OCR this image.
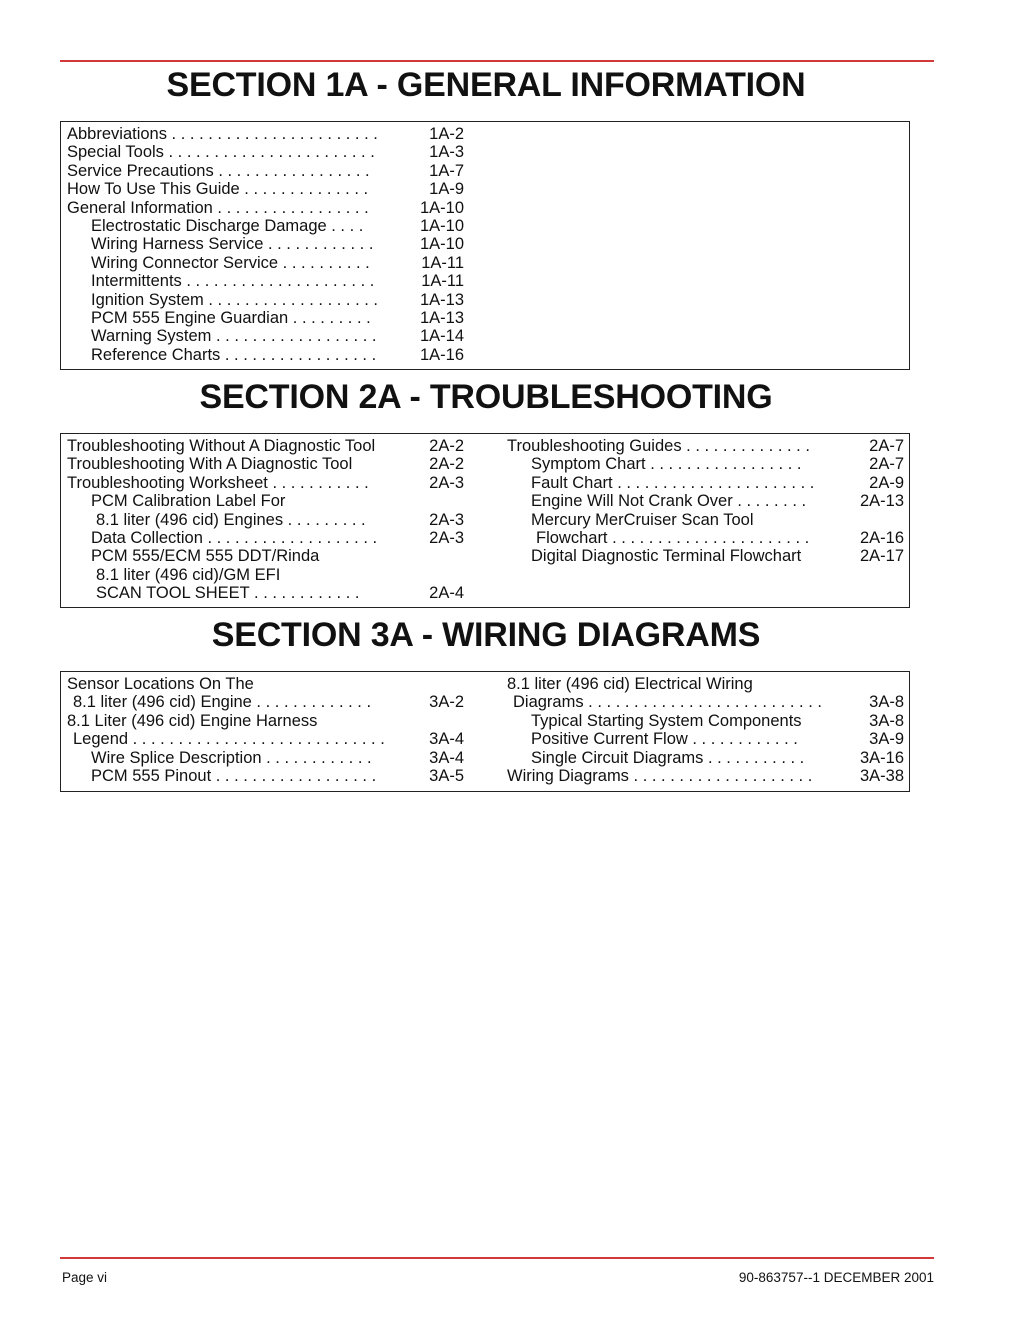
SECTION 1A - GENERAL INFORMATION
Abbreviations . . . . . . . . . . . . . . . . . . . . . . .	1A-2
Special Tools . . . . . . . . . . . . . . . . . . . . . . .	1A-3
Service Precautions . . . . . . . . . . . . . . . . .	1A-7
How To Use This Guide . . . . . . . . . . . . . .	1A-9
General Information . . . . . . . . . . . . . . . . .	1A-10
Electrostatic Discharge Damage . . . .	1A-10
Wiring Harness Service . . . . . . . . . . . .	1A-10
Wiring Connector Service . . . . . . . . . .	1A-11
Intermittents . . . . . . . . . . . . . . . . . . . . .	1A-11
Ignition System . . . . . . . . . . . . . . . . . . .	1A-13
PCM 555 Engine Guardian . . . . . . . . .	1A-13
Warning System . . . . . . . . . . . . . . . . . .	1A-14
Reference Charts . . . . . . . . . . . . . . . . .	1A-16
SECTION 2A - TROUBLESHOOTING
Troubleshooting Without A Diagnostic Tool	2A-2
Troubleshooting With A Diagnostic Tool	2A-2
Troubleshooting Worksheet . . . . . . . . . . .	2A-3
PCM Calibration Label For
8.1 liter (496 cid) Engines . . . . . . . . .	2A-3
Data Collection . . . . . . . . . . . . . . . . . . .	2A-3
PCM 555/ECM 555 DDT/Rinda
8.1 liter (496 cid)/GM EFI
SCAN TOOL SHEET . . . . . . . . . . . .	2A-4
Troubleshooting Guides . . . . . . . . . . . . . .	2A-7
Symptom Chart . . . . . . . . . . . . . . . . .	2A-7
Fault Chart . . . . . . . . . . . . . . . . . . . . . .	2A-9
Engine Will Not Crank Over . . . . . . . .	2A-13
Mercury MerCruiser Scan Tool
Flowchart . . . . . . . . . . . . . . . . . . . . . .	2A-16
Digital Diagnostic Terminal Flowchart	2A-17
SECTION 3A - WIRING DIAGRAMS
Sensor Locations On The
8.1 liter (496 cid) Engine . . . . . . . . . . . . .	3A-2
8.1 Liter (496 cid) Engine Harness
Legend . . . . . . . . . . . . . . . . . . . . . . . . . . . .	3A-4
Wire Splice Description . . . . . . . . . . . .	3A-4
PCM 555 Pinout . . . . . . . . . . . . . . . . . .	3A-5
8.1 liter (496 cid) Electrical Wiring
Diagrams . . . . . . . . . . . . . . . . . . . . . . . . . .	3A-8
Typical Starting System Components	3A-8
Positive Current Flow . . . . . . . . . . . .	3A-9
Single Circuit Diagrams . . . . . . . . . . .	3A-16
Wiring Diagrams . . . . . . . . . . . . . . . . . . . .	3A-38
Page vi	90-863757--1 DECEMBER 2001
